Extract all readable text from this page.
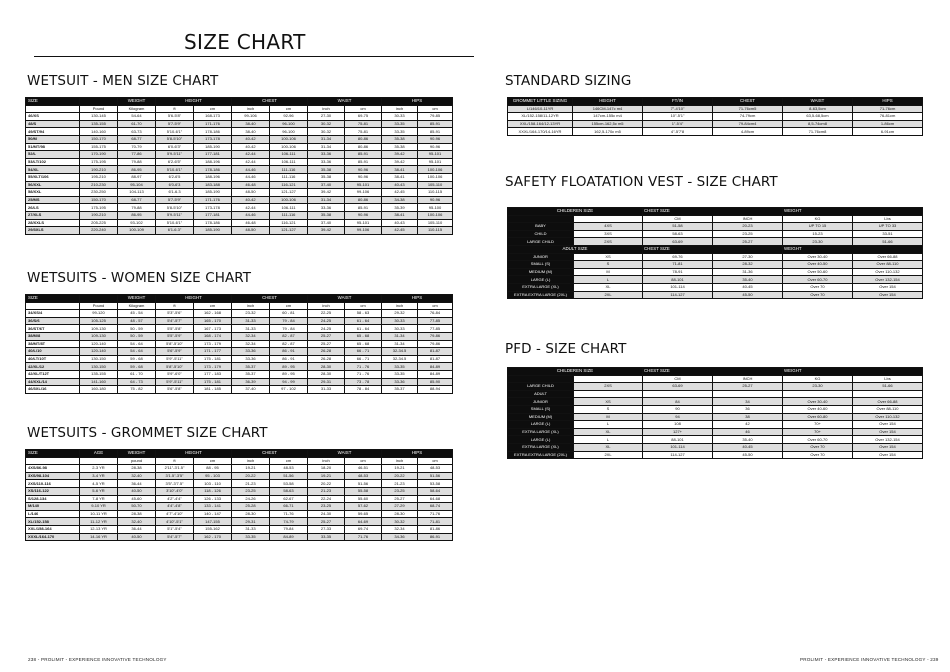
SIZE CHART
WETSUIT - MEN SIZE CHART
SIZE		WEIGHT	HEIGHT		CHEST		WAIST		HIPS	
	Pound	Kilogram	ft	cm	inch	cm	inch	cm	inch	cm
46/XS	130-145	54-64	5'6-5'8"	168-173	99-106	92-96	27-30	69-75	30-33	79-85
48/S	135-155	61-70	5'7-5'9"	171-176	38-40	96-100	30-32	75-81	33-35	85-91
49/ST/94	140-160	63-73	5'10-6'1"	178-186	38-40	96-100	30-32	75-81	33-35	85-91
50/M	150-170	68-77	5'8-5'10"	173-178	40-42	100-106	31-34	80-86	35-38	90-96
51/MT/98	155-175	70-79	6'0-6'3"	185-190	40-42	100-106	31-34	80-86	35-38	90-96
52/L	170-190	77-86	5'9-5'11"	177-181	42-44	106-111	33-36	85-91	39-42	95-101
53/LT/102	175-195	79-88	6'2-6'5"	188-196	42-44	106-111	33-36	85-91	39-42	95-101
54/XL	190-210	86-95	5'10-6'1"	178-186	44-46	111-116	35-38	90-96	38-41	100-106
55/XLT/106	195-210	88-97	6'2-6'5	188-196	44-46	111-116	35-38	90-96	38-41	100-106
56/XXL	210-230	95-104	6'0-6'3	183-188	46-48	116-121	37-40	95-101	40-43	105-110
58/XXL	230-250	104-113	6'1-6.3	185-190	48-50	121-127	39-42	99-106	42-45	110-115
25/MS	150-170	68-77	5'7-5'9"	171-176	40-42	100-106	31-34	80-86	34-38	90-96
26/LS	175-195	79-88	5'8-5'10"	173-178	42-44	106-111	33-36	85-91	35-39	95-100
27/XLS	190-210	86-95	5'9-5'11"	177-181	44-46	111-116	35-38	90-96	38-41	100-106
28/XXLS	205-225	93-102	5'10-6'1"	178-186	46-48	116-121	37-40	95-101	40-43	105-110
29/3XLS	220-240	100-109	6'1-6.3"	185-190	48-50	121-127	39-42	99-106	42-45	110-115
WETSUITS - WOMEN SIZE CHART
SIZE		WEIGHT	HEIGHT		CHEST		WAIST		HIPS	
	Pound	Kilogram	ft	cm	inch	cm	inch	cm	inch	cm
34/XS/4	99-120	45 - 54	5'3"-5'6"	162 - 168	23-32	60 - 81	22-25	58 - 63	29-32	76-84
36/S/6	105-125	48 - 57	5'4"-5'7"	165 - 170	31-33	79 - 84	24-25	61 - 64	30-33	77-85
36/ST/6T	109-130	50 - 59	5'5"-5'8"	167 - 173	31-33	79 - 84	24-25	61 - 64	30-33	77-85
38/M/8	109-130	50 - 59	5'5"-5'9"	168 - 174	32-34	82 - 87	25-27	65 - 68	31-34	79-86
38/MT/8T	120-140	54 - 64	5'8"-5'10"	173 - 179	32-34	82 - 87	25-27	65 - 68	31-34	79-86
40/L/10	120-140	54 - 64	5'6"-5'9"	171 - 177	33-36	86 - 91	26-28	66 - 71	32-34.5	81-87
40/LT/10T	130-150	59 - 68	5'9"-5'11"	175 - 181	33-36	86 - 91	26-28	66 - 71	32-34.5	81-87
42/XL/12	130-150	59 - 68	5'8"-5'10"	173 - 179	35-37	89 - 95	28-30	71 - 76	33-35	84-89
42/XL/T12T	135-155	61 - 70	5'9"-6'0"	177 - 183	35-37	89 - 95	28-30	71 - 76	33-35	84-89
44/XXL/14	141-160	64 - 73	5'9"-5'11"	175 - 181	36-39	94 - 99	29-31	73 - 78	33-36	85-90
46/3XL/16	160-180	75 - 82	5'6"-5'8"	181 - 185	37-40	97 - 102	31-33	78 - 84	35-37	88-94
WETSUITS - GROMMET SIZE CHART
SIZE	AGE	WEIGHT	HEIGHT		CHEST		WAIST		HIPS	
		pound	ft	cm	inch	cm	inch	cm	inch	cm
4XS/86-98	2-3 YR	28-38	2'11"-3'1.5"	88 - 95	19-21	48-53	18-20	46-51	19-21	48-53
3XS/98-104	3-4 YR	32-40	3'1.5"-3'5"	95 - 103	20-22	51-56	19-21	48-53	20-22	51-56
2XS/110-116	4-5 YR	36-44	3'5"-3'7.5"	103 - 110	21-23	53-58	20-22	51-56	21-23	53-58
XS/116-122	5-6 YR	40-50	3'10"-4'0"	118 - 126	23-25	58-63	21-23	55-58	23-25	58-64
S/128-134	7-8 YR	45-60	4'2"-4'4"	126 - 133	24-26	62-67	22-24	55-60	25-27	64-68
M/140	9-10 YR	50-70	4'4"-4'8"	133 - 141	25-28	66-71	23-25	57-62	27-29	68-74
L/146	10-11 YR	28-38	4'7"-4'10"	140 - 147	28-30	71-76	24-30	59-65	28-30	71-76
XL/152-158	11-12 YR	32-40	4'10"-5'1"	147-155	29-31	74-79	25-27	64-69	30-32	71-81
XXL/158-164	12-13 YR	36-44	5'1"-5'4"	155-162	31-33	79-84	27-33	69-74	32-34	81-86
XXXL/164-170	14-16 YR	40-50	5'4"-5'7"	162 - 170	33-35	84-89	33-35	71-76	34-36	86-91
STANDARD SIZING
GROMMET LITTLE SIZING	HEIGHT	FT/IN	CHEST	WAIST	HIPS
L/146/10-11YR	146CM-147c m4	7"-4'10"	71-76cm5	8-63,5cm	71-76cm
XL/152-158/11-12YR	147cm-155c m4	10"-5'1"	74-79cm	63,5-68,5cm	76-81cm
XXL/158-164/12-13YR	155cm-162,5c m5	1"-5'4"	79-84cm4	8,5-74cm8	1-86cm
XXXL/164-170/14-16YR	162,5-170c m5	4"-5'7'8	4-89cm	71-76cm8	6-91cm
SAFETY FLOATATION VEST - SIZE CHART
CHILDEREN SIZE		CHEST SIZE		WEIGHT	
		CM	INCH	KG	Lbs
BABY	4XS	51-58	20-23	UP TO 15	UP TO 33
CHILD	3XS	58-63	23-25	15-23	33-51
LARGE CHILD	2XS	63-69	25-27	23-30	51-66
ADULT SIZE		CHEST SIZE		WEIGHT	
JUNIOR	XS	69-76	27-30	Over 30-40	Over 66-88
SMALL (S)	S	71-81	28-32	Over 40-50	Over 88-110
MEDIUM (M)	M	78-91	31-36	Over 50-60	Over 110-132
LARGE (L)	L	88-101	35-40	Over 60-70	Over 132-154
EXTRA LARGE (XL)	XL	101-114	40-45	Over 70	Over 154
EXTRA EXTRA LARGE (2XL)	2XL	114-127	45-50	Over 70	Over 154
PFD - SIZE CHART
CHILDEREN SIZE		CHEST SIZE		WEIGHT	
		CM	INCH	KG	Lbs
LARGE CHILD	2XS	63-69	25-27	23-30	51-66
ADULT					
JUNIOR	XS	84	34	Over 30-40	Over 66-88
SMALL (S)	S	90	36	Over 40-60	Over 88-110
MEDIUM (M)	M	94	38	Over 60-80	Over 110-132
LARGE (L)	L	108	42	70+	Over 154
EXTRA LARGE (XL)	XL	127+	46	70+	Over 154
LARGE (L)	L	88-101	35-40	Over 60-70	Over 132-154
EXTRA LARGE (XL)	XL	101-114	40-45	Over 70	Over 154
EXTRA EXTRA LARGE (2XL)	2XL	114-127	45-50	Over 70	Over 154
238 - PROLIMIT - EXPERIENCE INNOVATIVE TECHNOLOGY	PROLIMIT - EXPERIENCE INNOVATIVE TECHNOLOGY - 239
